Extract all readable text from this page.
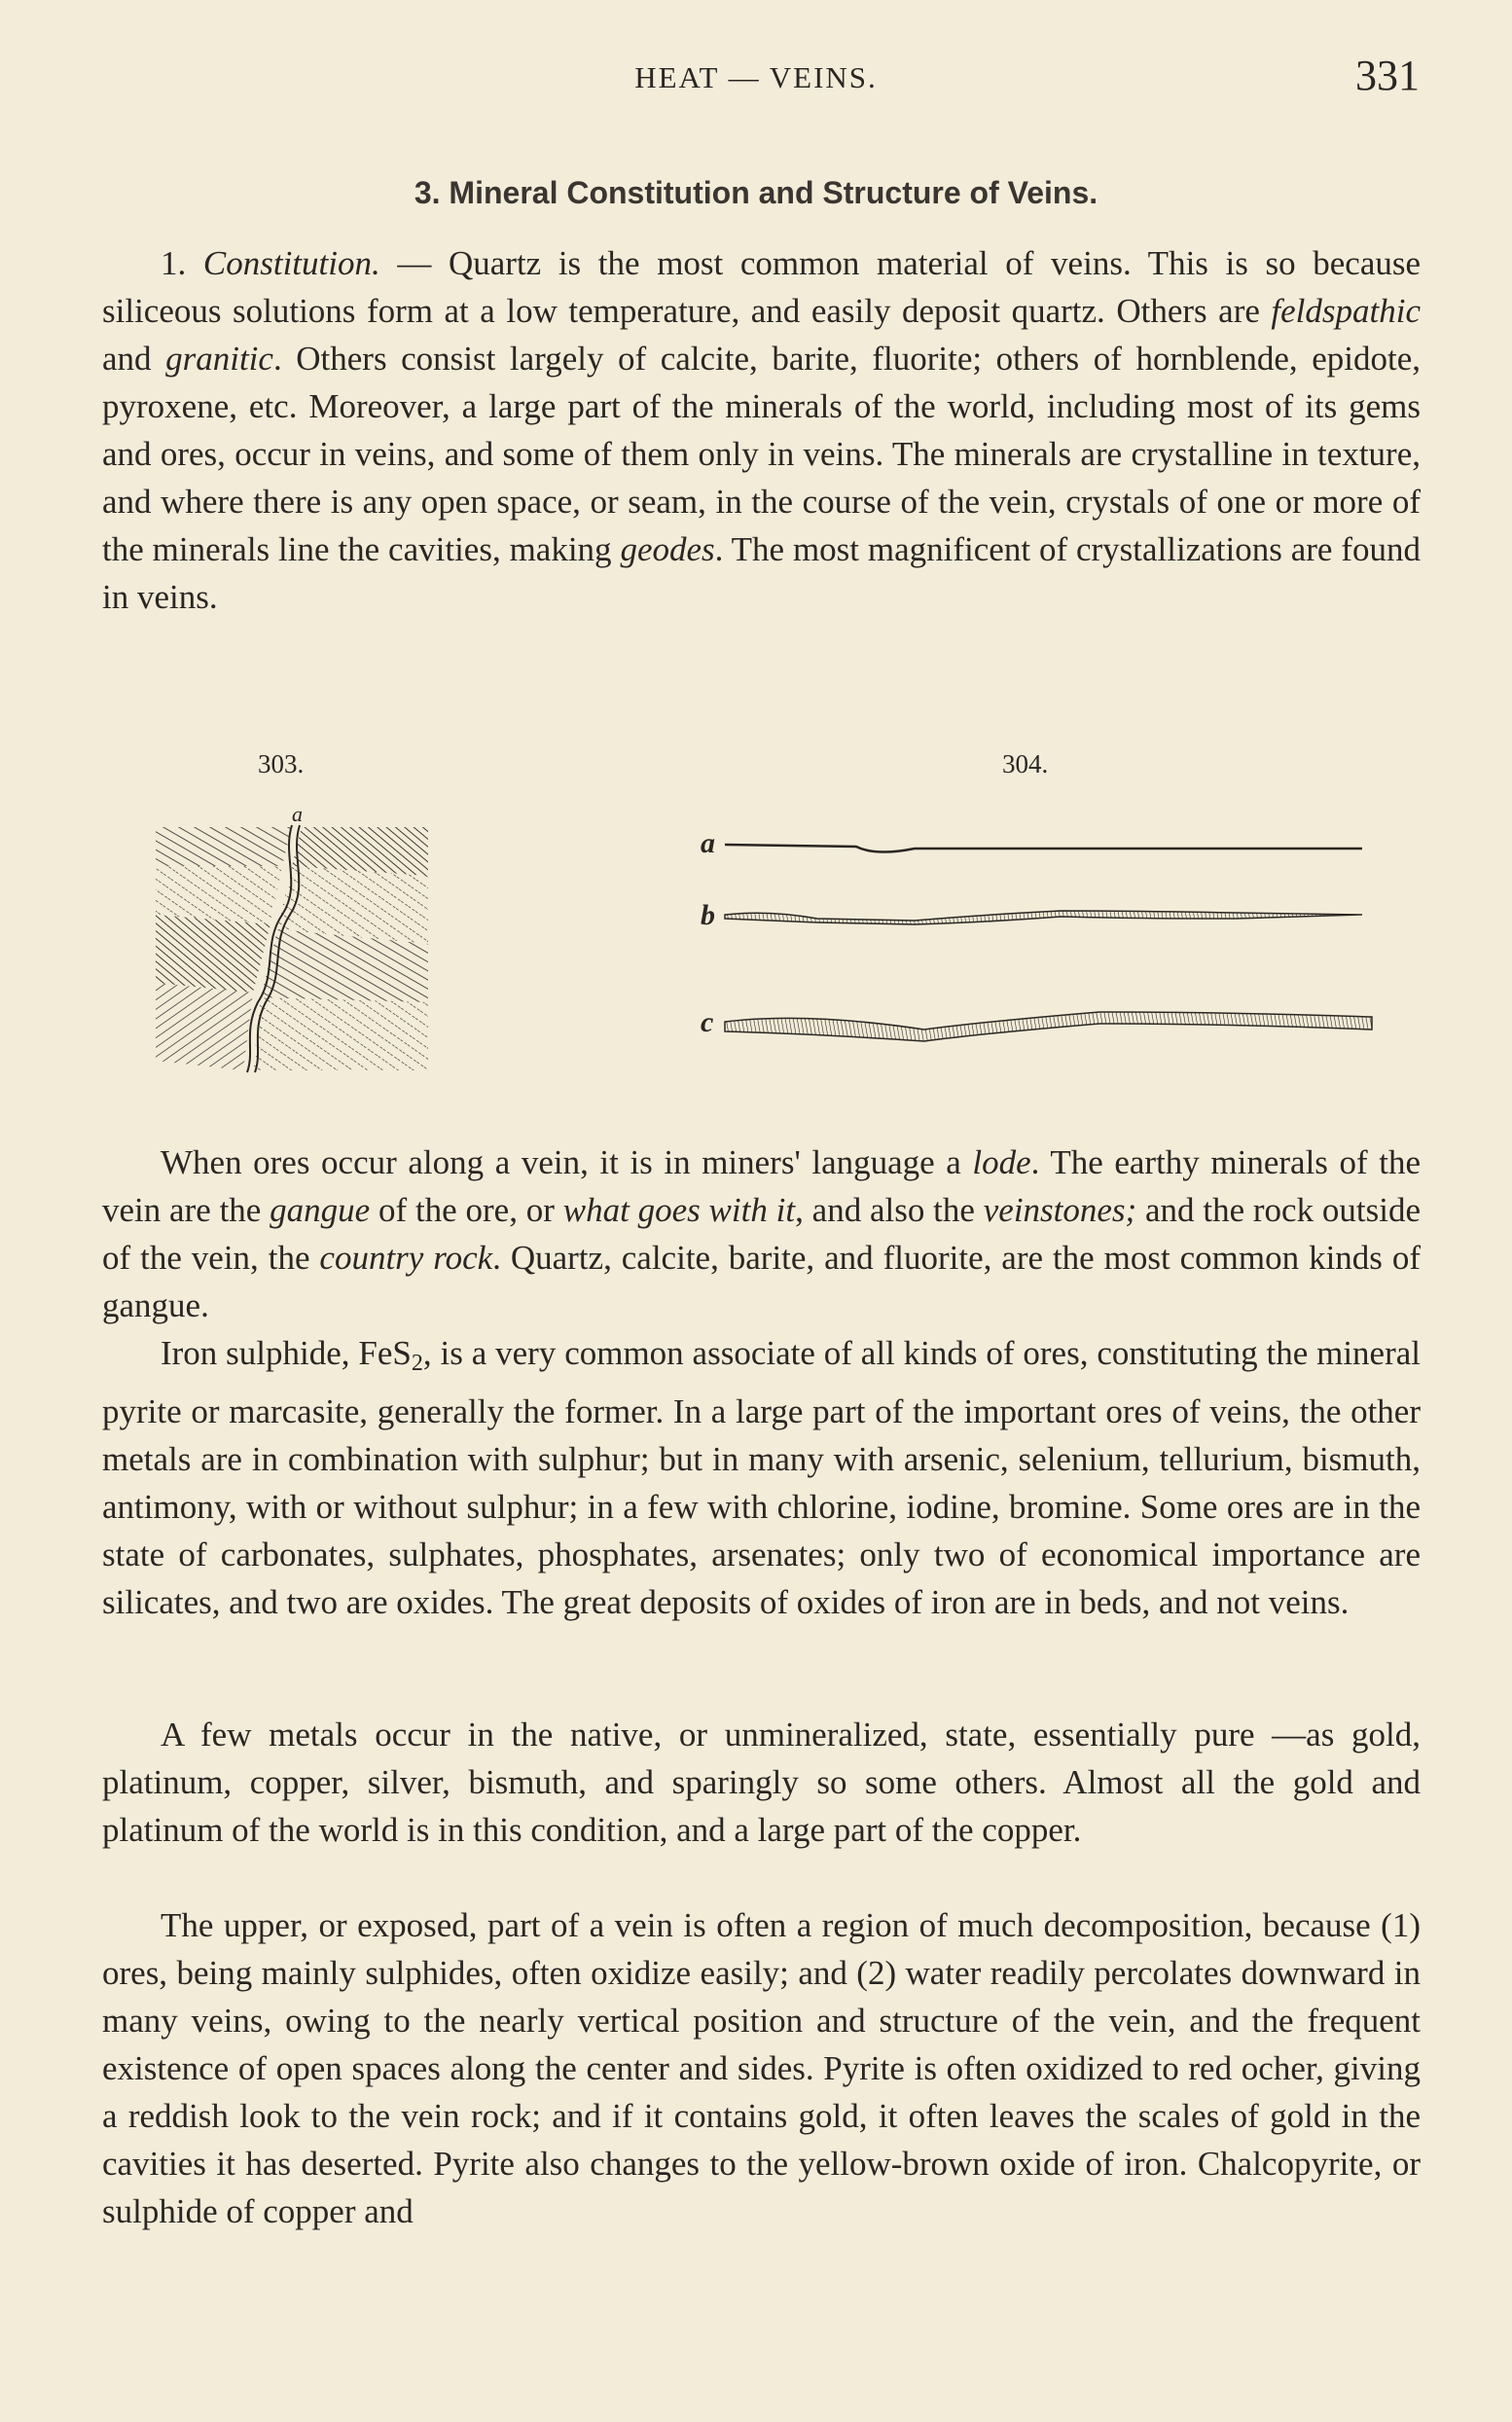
HEAT — VEINS.	331
3. Mineral Constitution and Structure of Veins.

1. Constitution. — Quartz is the most common material of veins. This is so because siliceous solutions form at a low temperature, and easily deposit quartz. Others are feldspathic and granitic. Others consist largely of calcite, barite, fluorite; others of hornblende, epidote, pyroxene, etc. Moreover, a large part of the minerals of the world, including most of its gems and ores, occur in veins, and some of them only in veins. The minerals are crystalline in texture, and where there is any open space, or seam, in the course of the vein, crystals of one or more of the minerals line the cavities, making geodes. The most magnificent of crystallizations are found in veins.

303.
a
304.
a
b
c

When ores occur along a vein, it is in miners' language a lode. The earthy minerals of the vein are the gangue of the ore, or what goes with it, and also the veinstones; and the rock outside of the vein, the country rock. Quartz, calcite, barite, and fluorite, are the most common kinds of gangue.

Iron sulphide, FeS2, is a very common associate of all kinds of ores, constituting the mineral pyrite or marcasite, generally the former. In a large part of the important ores of veins, the other metals are in combination with sulphur; but in many with arsenic, selenium, tellurium, bismuth, antimony, with or without sulphur; in a few with chlorine, iodine, bromine. Some ores are in the state of carbonates, sulphates, phosphates, arsenates; only two of economical importance are silicates, and two are oxides. The great deposits of oxides of iron are in beds, and not veins.

A few metals occur in the native, or unmineralized, state, essentially pure —as gold, platinum, copper, silver, bismuth, and sparingly so some others. Almost all the gold and platinum of the world is in this condition, and a large part of the copper.

The upper, or exposed, part of a vein is often a region of much decomposition, because (1) ores, being mainly sulphides, often oxidize easily; and (2) water readily percolates downward in many veins, owing to the nearly vertical position and structure of the vein, and the frequent existence of open spaces along the center and sides. Pyrite is often oxidized to red ocher, giving a reddish look to the vein rock; and if it contains gold, it often leaves the scales of gold in the cavities it has deserted. Pyrite also changes to the yellow-brown oxide of iron. Chalcopyrite, or sulphide of copper and
